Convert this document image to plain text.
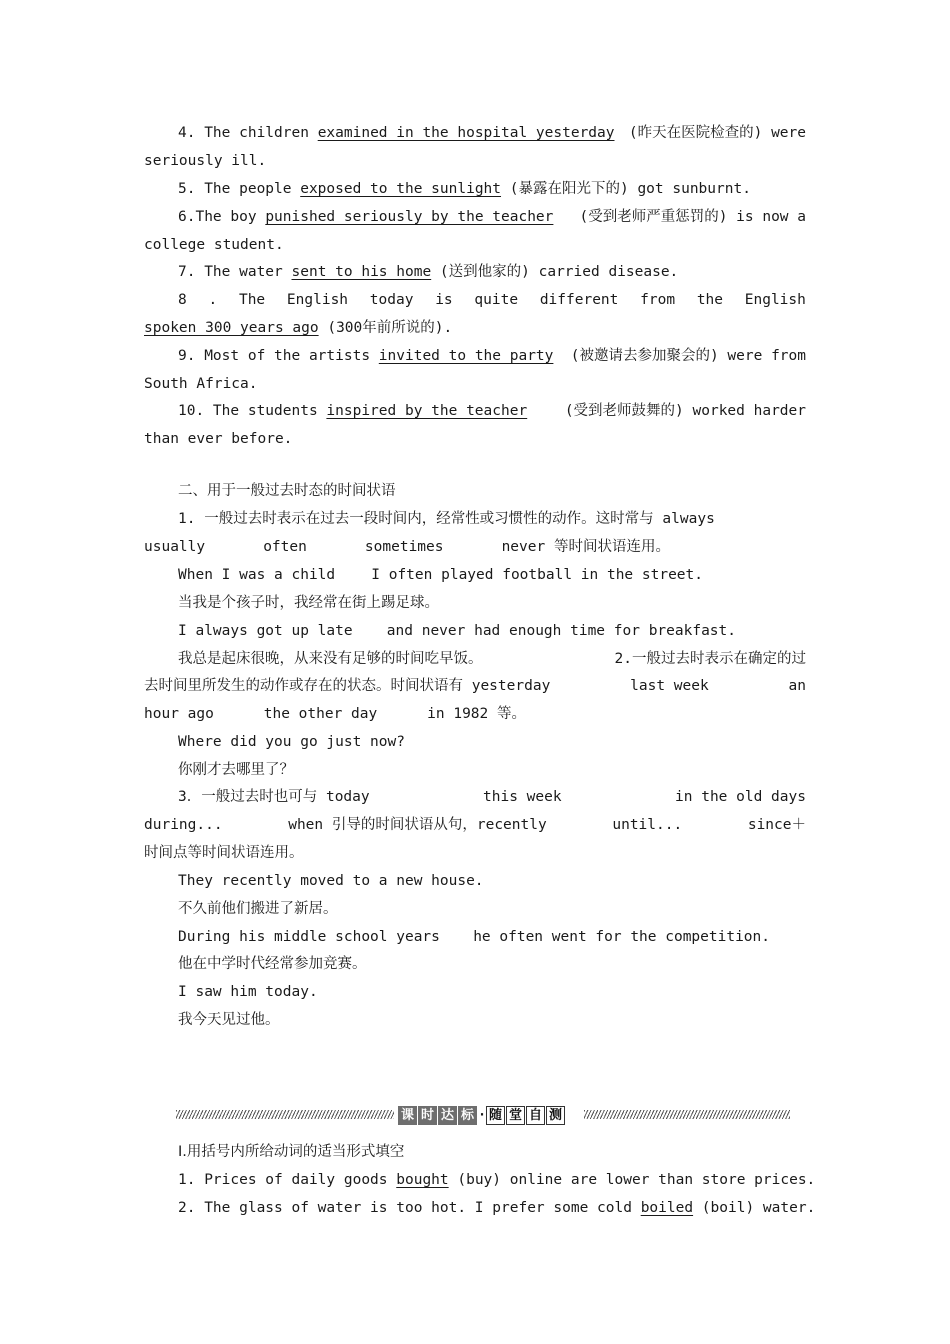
4. The children examined in the hospital yesterday (昨天在医院检查的) were
seriously ill.
5. The people exposed to the sunlight (暴露在阳光下的) got sunburnt.
6.The boy punished seriously by the teacher (受到老师严重惩罚的) is now a
college student.
7. The water sent to his home (送到他家的) carried disease.
8 . The English today is quite different from the English
spoken 300 years ago (300年前所说的).
9. Most of the artists invited to the party (被邀请去参加聚会的) were from
South Africa.
10. The students inspired by the teacher	(受到老师鼓舞的) worked harder
than ever before.
二、用于一般过去时态的时间状语
1. 一般过去时表示在过去一段时间内，经常性或习惯性的动作。这时常与 always
usually	often	sometimes	never 等时间状语连用。
When I was a child I often played football in the street.
当我是个孩子时，我经常在街上踢足球。
I always got up late and never had enough time for breakfast.
我总是起床很晚，从来没有足够的时间吃早饭。	2.一般过去时表示在确定的过
去时间里所发生的动作或存在的状态。时间状语有 yesterday	last week	an
hour ago	the other day	in 1982 等。
Where did you go just now?
你刚才去哪里了？
3．一般过去时也可与 today	this week	in the old days
during...	when 引导的时间状语从句，recently	until...	since＋
时间点等时间状语连用。
They recently moved to a new house.
不久前他们搬进了新居。
During his middle school years he often went for the competition.
他在中学时代经常参加竞赛。
I saw him today.
我今天见过他。
课 时 达 标 · 随 堂 自 测
Ⅰ.用括号内所给动词的适当形式填空
1. Prices of daily goods bought (buy) online are lower than store prices.
2. The glass of water is too hot. I prefer some cold boiled (boil) water.
